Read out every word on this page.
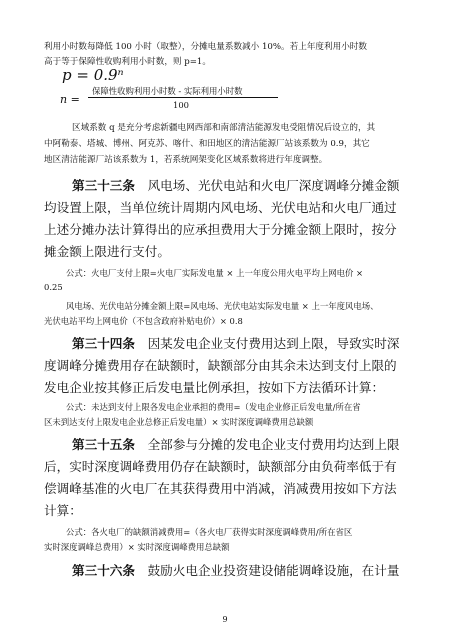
利用小时数每降低 100 小时（取整），分摊电量系数减小 10%。若上年度利用小时数
高于等于保障性收购利用小时数，则 p=1。
p = 0.9ⁿ
n =
保障性收购利用小时数 - 实际利用小时数
100
区域系数 q 是充分考虑新疆电网西部和南部清洁能源发电受阻情况后设立的，其
中阿勒泰、塔城、博州、阿克苏、喀什、和田地区的清洁能源厂站该系数为 0.9，其它
地区清洁能源厂站该系数为 1，若系统网架变化区域系数将进行年度调整。
第三十三条  风电场、光伏电站和火电厂深度调峰分摊金额
均设置上限，当单位统计周期内风电场、光伏电站和火电厂通过
上述分摊办法计算得出的应承担费用大于分摊金额上限时，按分
摊金额上限进行支付。
公式：火电厂支付上限=火电厂实际发电量 × 上一年度公用火电平均上网电价 ×
0.25
风电场、光伏电站分摊金额上限=风电场、光伏电站实际发电量 × 上一年度风电场、
光伏电站平均上网电价（不包含政府补贴电价）× 0.8
第三十四条  因某发电企业支付费用达到上限，导致实时深
度调峰分摊费用存在缺额时，缺额部分由其余未达到支付上限的
发电企业按其修正后发电量比例承担，按如下方法循环计算：
公式：未达到支付上限各发电企业承担的费用=（发电企业修正后发电量/所在省
区未到达支付上限发电企业总修正后发电量）× 实时深度调峰费用总缺额
第三十五条  全部参与分摊的发电企业支付费用均达到上限
后，实时深度调峰费用仍存在缺额时，缺额部分由负荷率低于有
偿调峰基准的火电厂在其获得费用中消减，消减费用按如下方法
计算：
公式：各火电厂的缺额消减费用=（各火电厂获得实时深度调峰费用/所在省区
实时深度调峰总费用）× 实时深度调峰费用总缺额
第三十六条  鼓励火电企业投资建设储能调峰设施，在计量
9
